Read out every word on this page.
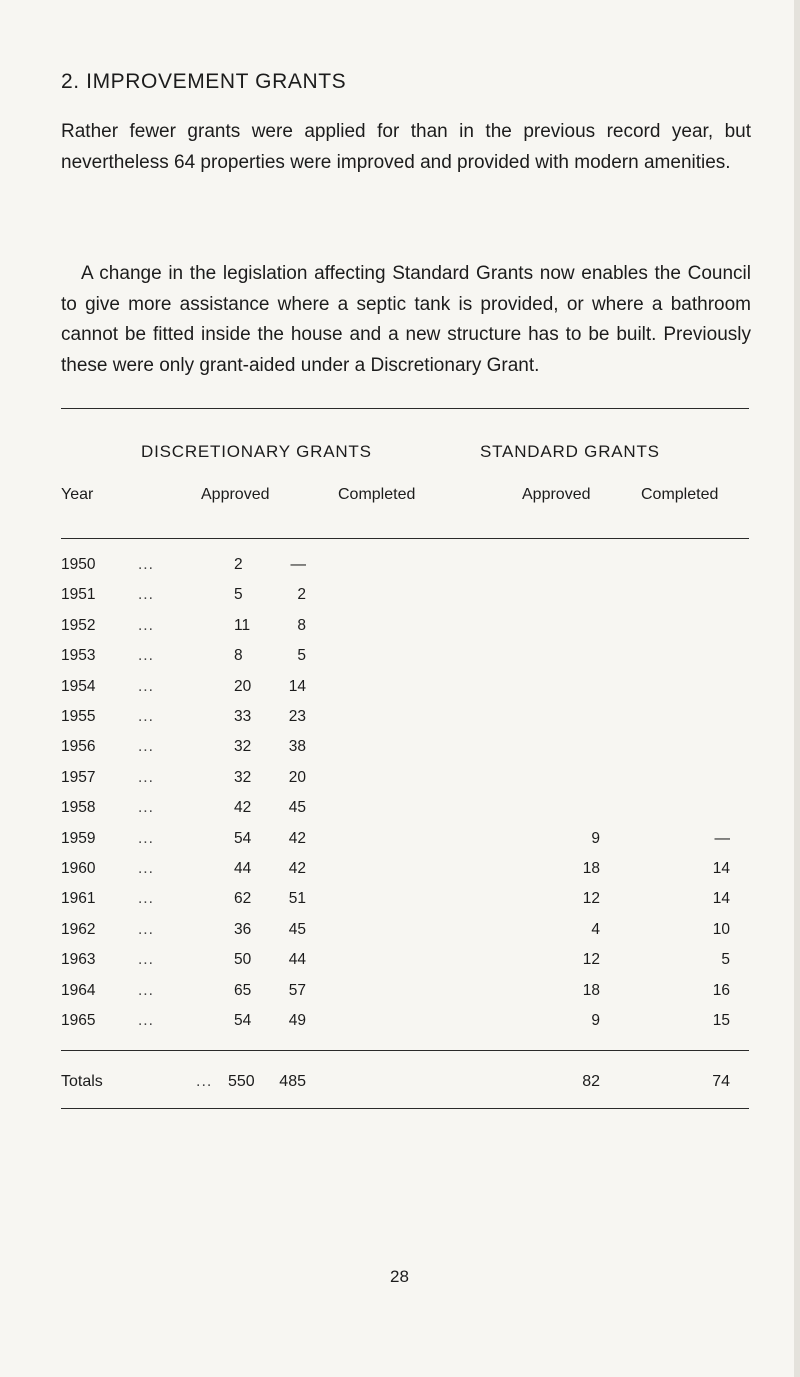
2. IMPROVEMENT GRANTS

Rather fewer grants were applied for than in the previous record year, but nevertheless 64 properties were improved and provided with modern amenities.

A change in the legislation affecting Standard Grants now enables the Council to give more assistance where a septic tank is provided, or where a bathroom cannot be fitted inside the house and a new structure has to be built. Previously these were only grant-aided under a Discretionary Grant.

DISCRETIONARY GRANTS	STANDARD GRANTS
Year	Approved	Completed	Approved	Completed
1950	...	2	—
1951	...	5	2
1952	...	11	8
1953	...	8	5
1954	...	20	14
1955	...	33	23
1956	...	32	38
1957	...	32	20
1958	...	42	45
1959	...	54	42	9	—
1960	...	44	42	18	14
1961	...	62	51	12	14
1962	...	36	45	4	10
1963	...	50	44	12	5
1964	...	65	57	18	16
1965	...	54	49	9	15
Totals	... 550	485	82	74
28
